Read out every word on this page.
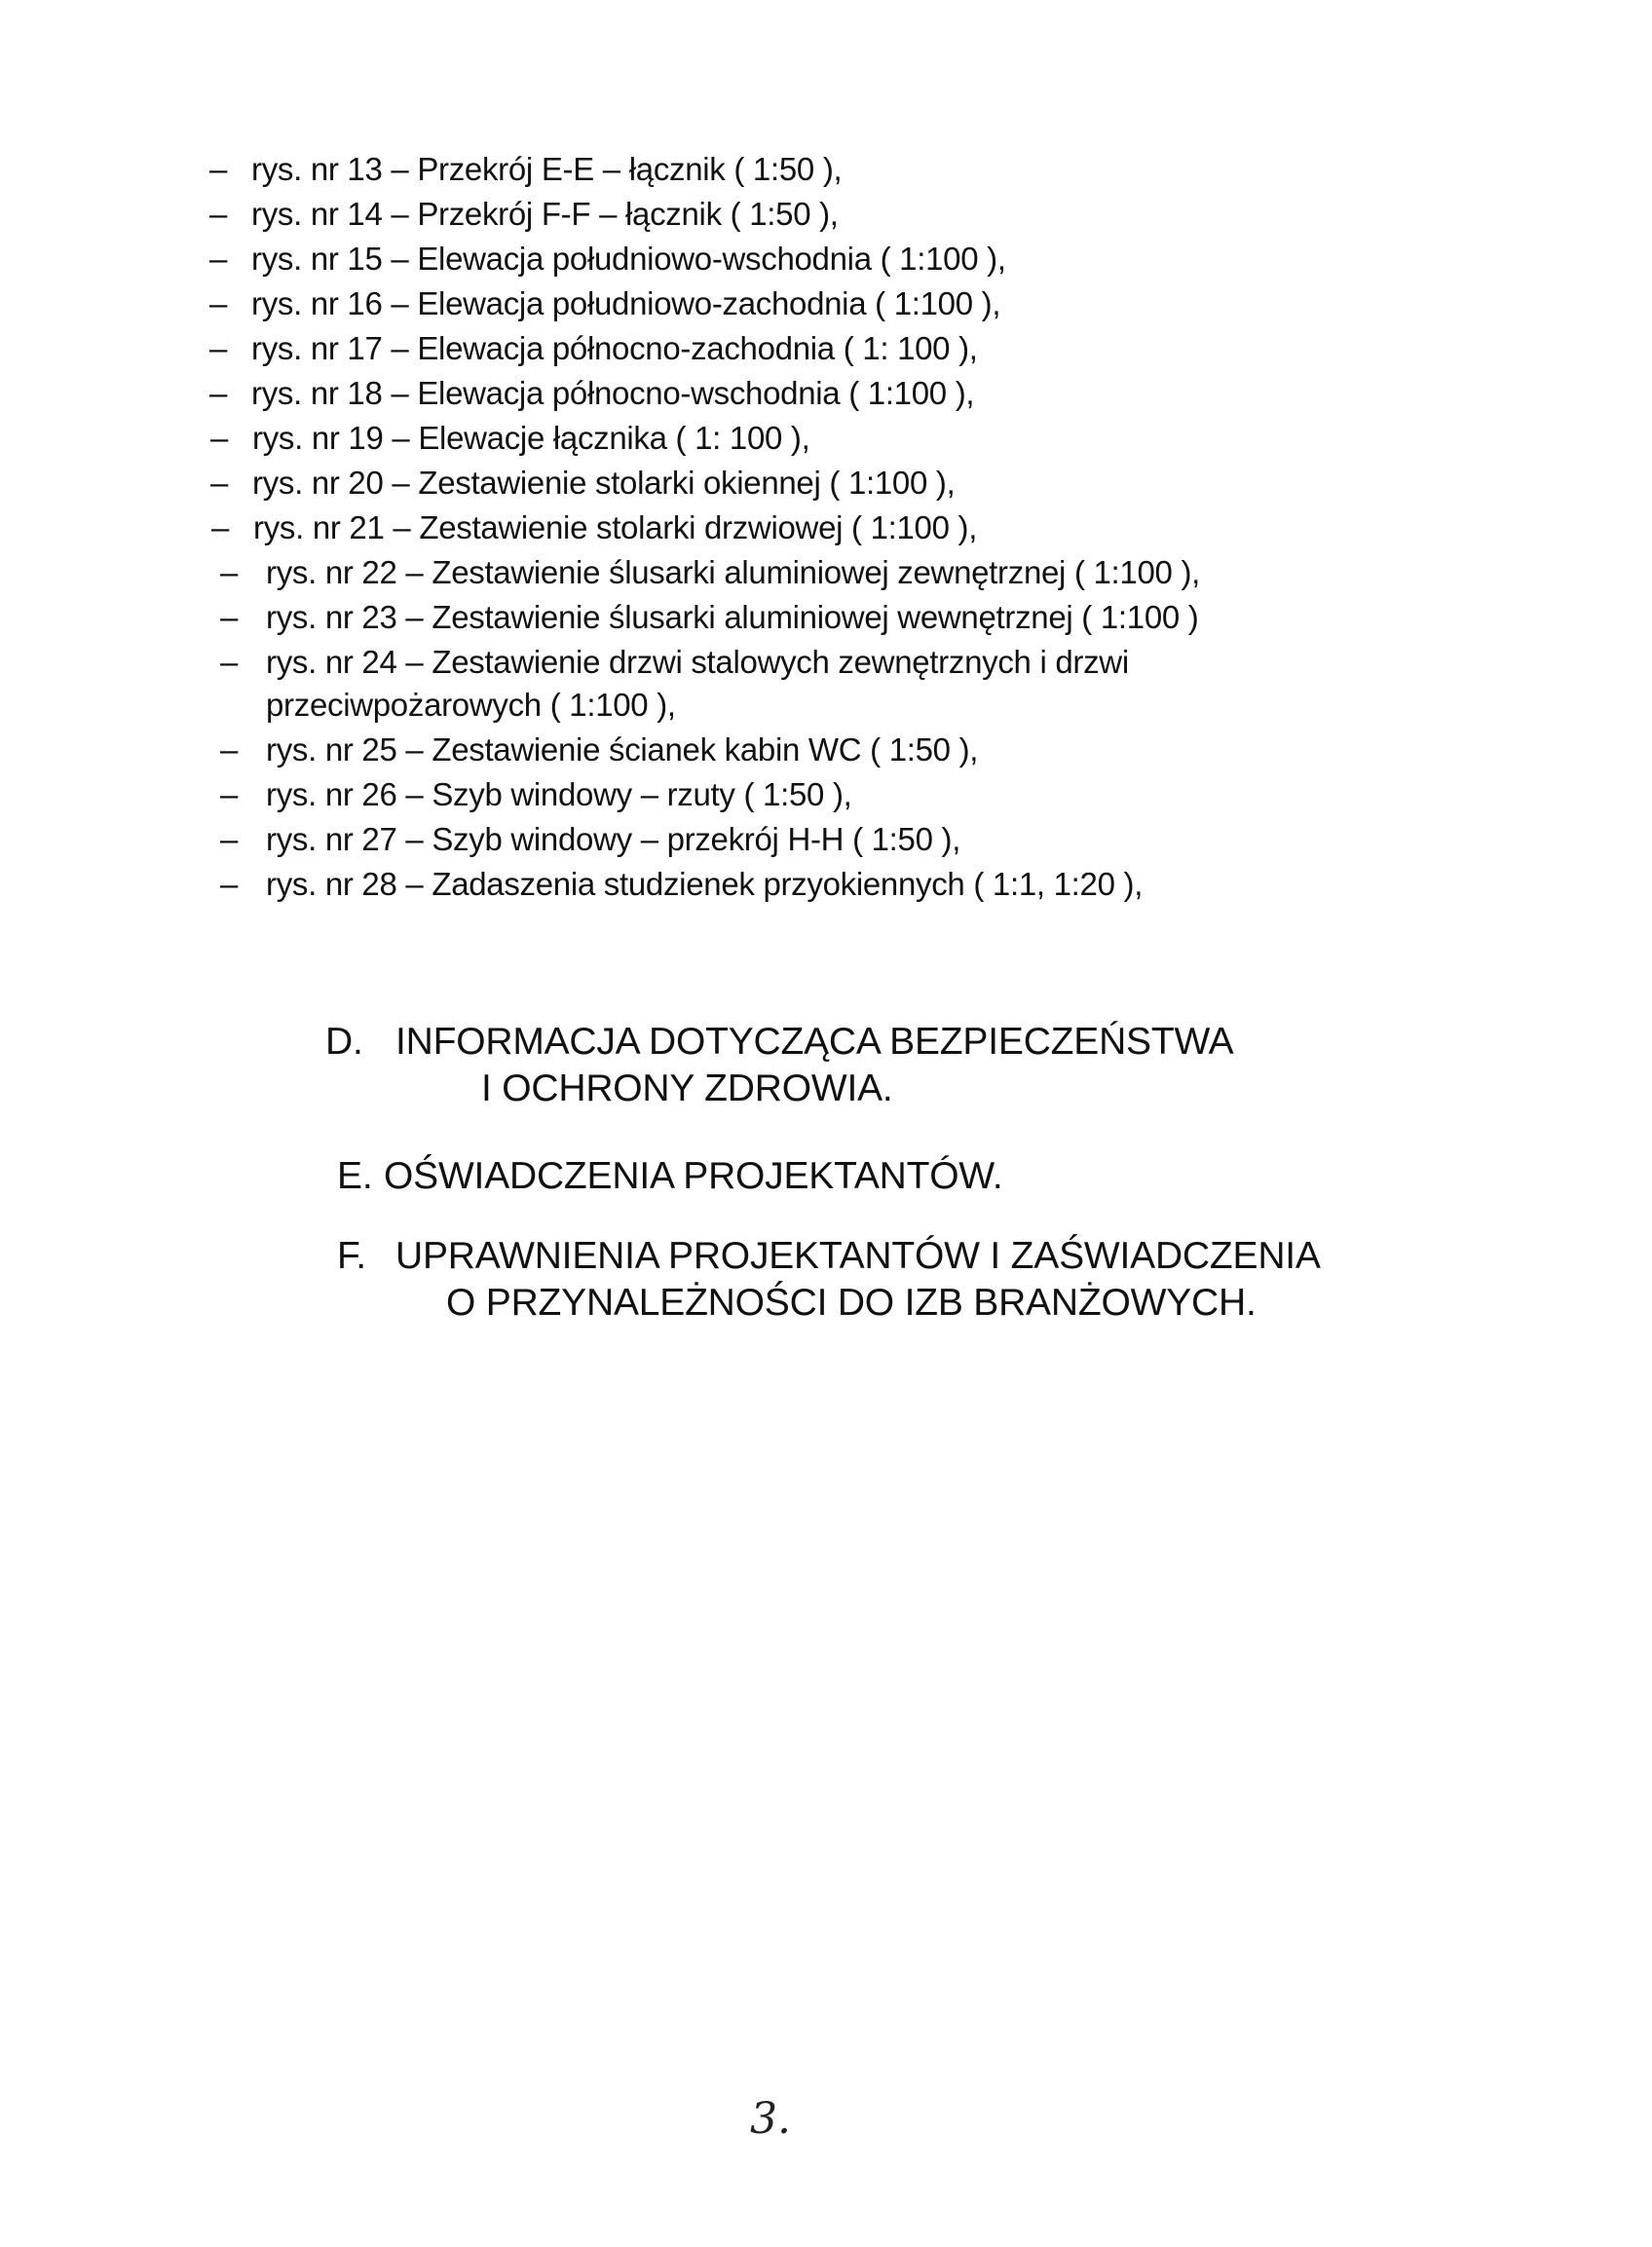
– rys. nr 13 – Przekrój E-E – łącznik ( 1:50 ),
– rys. nr 14 – Przekrój F-F – łącznik ( 1:50 ),
– rys. nr 15 – Elewacja południowo-wschodnia ( 1:100 ),
– rys. nr 16 – Elewacja południowo-zachodnia ( 1:100 ),
– rys. nr 17 – Elewacja północno-zachodnia ( 1: 100 ),
– rys. nr 18 – Elewacja północno-wschodnia ( 1:100 ),
– rys. nr 19 – Elewacje łącznika ( 1: 100 ),
– rys. nr 20 – Zestawienie stolarki okiennej ( 1:100 ),
– rys. nr 21 – Zestawienie stolarki drzwiowej ( 1:100 ),
– rys. nr 22 – Zestawienie ślusarki aluminiowej zewnętrznej ( 1:100 ),
– rys. nr 23 – Zestawienie ślusarki aluminiowej wewnętrznej ( 1:100 )
– rys. nr 24 – Zestawienie drzwi stalowych zewnętrznych i drzwi
przeciwpożarowych ( 1:100 ),
– rys. nr 25 – Zestawienie ścianek kabin WC ( 1:50 ),
– rys. nr 26 – Szyb windowy – rzuty ( 1:50 ),
– rys. nr 27 – Szyb windowy – przekrój H-H ( 1:50 ),
– rys. nr 28 – Zadaszenia studzienek przyokiennych ( 1:1, 1:20 ),
D. INFORMACJA DOTYCZĄCA BEZPIECZEŃSTWA
I OCHRONY ZDROWIA.
E. OŚWIADCZENIA PROJEKTANTÓW.
F. UPRAWNIENIA PROJEKTANTÓW I ZAŚWIADCZENIA
O PRZYNALEŻNOŚCI DO IZB BRANŻOWYCH.
3.
